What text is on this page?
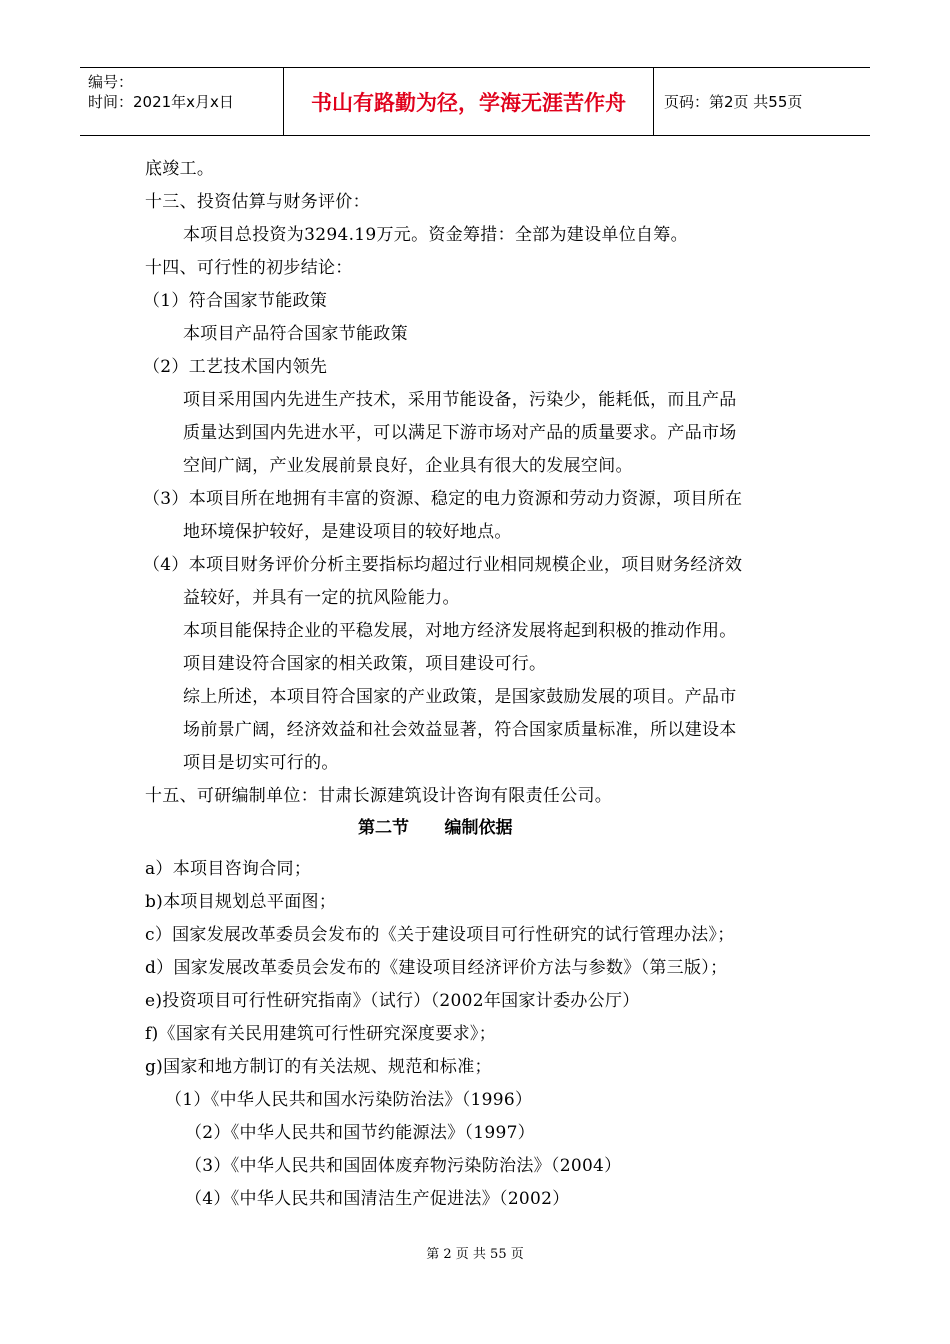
编号：
时间：2021年x月x日	书山有路勤为径，学海无涯苦作舟	页码：第2页 共55页
底竣工。
十三、投资估算与财务评价：
本项目总投资为3294.19万元。资金筹措：全部为建设单位自筹。
十四、可行性的初步结论：
（1）符合国家节能政策
本项目产品符合国家节能政策
（2）工艺技术国内领先
项目采用国内先进生产技术，采用节能设备，污染少，能耗低，而且产品
质量达到国内先进水平，可以满足下游市场对产品的质量要求。产品市场
空间广阔，产业发展前景良好，企业具有很大的发展空间。
（3）本项目所在地拥有丰富的资源、稳定的电力资源和劳动力资源，项目所在
地环境保护较好，是建设项目的较好地点。
（4）本项目财务评价分析主要指标均超过行业相同规模企业，项目财务经济效
益较好，并具有一定的抗风险能力。
本项目能保持企业的平稳发展，对地方经济发展将起到积极的推动作用。
项目建设符合国家的相关政策，项目建设可行。
综上所述，本项目符合国家的产业政策，是国家鼓励发展的项目。产品市
场前景广阔，经济效益和社会效益显著，符合国家质量标准，所以建设本
项目是切实可行的。
十五、可研编制单位：甘肃长源建筑设计咨询有限责任公司。
第二节      编制依据
a）本项目咨询合同；
b)本项目规划总平面图；
c）国家发展改革委员会发布的《关于建设项目可行性研究的试行管理办法》；
d）国家发展改革委员会发布的《建设项目经济评价方法与参数》（第三版）；
e)投资项目可行性研究指南》（试行）（2002年国家计委办公厅）
f)《国家有关民用建筑可行性研究深度要求》；
g)国家和地方制订的有关法规、规范和标准；
（1）《中华人民共和国水污染防治法》（1996）
（2）《中华人民共和国节约能源法》（1997）
（3）《中华人民共和国固体废弃物污染防治法》（2004）
（4）《中华人民共和国清洁生产促进法》（2002）
第 2 页 共 55 页
